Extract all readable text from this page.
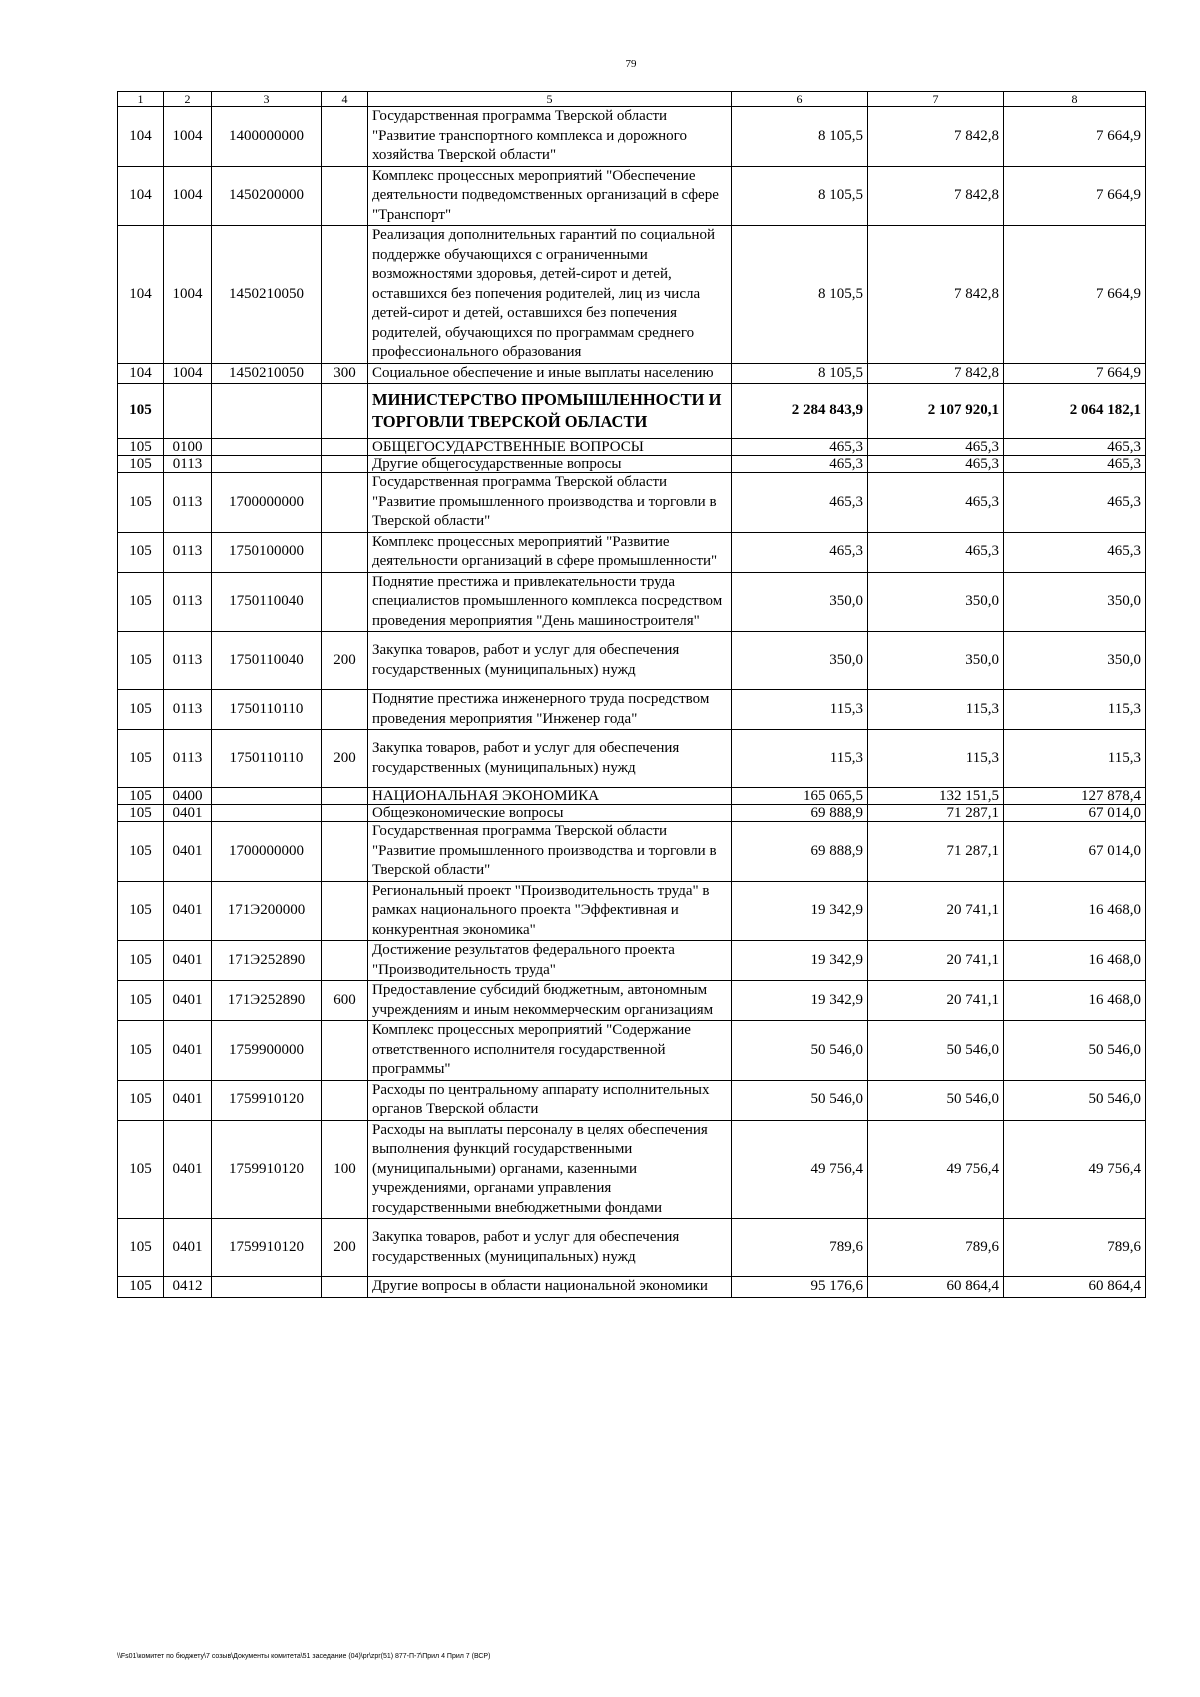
79
1	2	3	4	5	6	7	8
104	1004	1400000000		Государственная программа Тверской области "Развитие транспортного комплекса и дорожного хозяйства Тверской области"	8 105,5	7 842,8	7 664,9
104	1004	1450200000		Комплекс процессных мероприятий "Обеспечение деятельности подведомственных организаций в сфере "Транспорт"	8 105,5	7 842,8	7 664,9
104	1004	1450210050		Реализация дополнительных гарантий по социальной поддержке обучающихся с ограниченными возможностями здоровья, детей-сирот и детей, оставшихся без попечения родителей, лиц из числа детей-сирот и детей, оставшихся без попечения родителей, обучающихся по программам среднего профессионального образования	8 105,5	7 842,8	7 664,9
104	1004	1450210050	300	Социальное обеспечение и иные выплаты населению	8 105,5	7 842,8	7 664,9
105				МИНИСТЕРСТВО ПРОМЫШЛЕННОСТИ И ТОРГОВЛИ ТВЕРСКОЙ ОБЛАСТИ	2 284 843,9	2 107 920,1	2 064 182,1
105	0100			ОБЩЕГОСУДАРСТВЕННЫЕ ВОПРОСЫ	465,3	465,3	465,3
105	0113			Другие общегосударственные вопросы	465,3	465,3	465,3
105	0113	1700000000		Государственная программа Тверской области "Развитие промышленного производства и торговли в Тверской области"	465,3	465,3	465,3
105	0113	1750100000		Комплекс процессных мероприятий "Развитие деятельности организаций в сфере промышленности"	465,3	465,3	465,3
105	0113	1750110040		Поднятие престижа и привлекательности труда специалистов промышленного комплекса посредством проведения мероприятия "День машиностроителя"	350,0	350,0	350,0
105	0113	1750110040	200	Закупка товаров, работ и услуг для обеспечения государственных (муниципальных) нужд	350,0	350,0	350,0
105	0113	1750110110		Поднятие престижа инженерного труда посредством проведения мероприятия "Инженер года"	115,3	115,3	115,3
105	0113	1750110110	200	Закупка товаров, работ и услуг для обеспечения государственных (муниципальных) нужд	115,3	115,3	115,3
105	0400			НАЦИОНАЛЬНАЯ ЭКОНОМИКА	165 065,5	132 151,5	127 878,4
105	0401			Общеэкономические вопросы	69 888,9	71 287,1	67 014,0
105	0401	1700000000		Государственная программа Тверской области "Развитие промышленного производства и торговли в Тверской области"	69 888,9	71 287,1	67 014,0
105	0401	171Э200000		Региональный проект "Производительность труда" в рамках национального проекта "Эффективная и конкурентная экономика"	19 342,9	20 741,1	16 468,0
105	0401	171Э252890		Достижение результатов федерального проекта "Производительность труда"	19 342,9	20 741,1	16 468,0
105	0401	171Э252890	600	Предоставление субсидий бюджетным, автономным учреждениям и иным некоммерческим организациям	19 342,9	20 741,1	16 468,0
105	0401	1759900000		Комплекс процессных мероприятий "Содержание ответственного исполнителя государственной программы"	50 546,0	50 546,0	50 546,0
105	0401	1759910120		Расходы по центральному аппарату исполнительных органов Тверской области	50 546,0	50 546,0	50 546,0
105	0401	1759910120	100	Расходы на выплаты персоналу в целях обеспечения выполнения функций государственными (муниципальными) органами, казенными учреждениями, органами управления государственными внебюджетными фондами	49 756,4	49 756,4	49 756,4
105	0401	1759910120	200	Закупка товаров, работ и услуг для обеспечения государственных (муниципальных) нужд	789,6	789,6	789,6
105	0412			Другие вопросы в области национальной экономики	95 176,6	60 864,4	60 864,4
\\Fs01\комитет по бюджету\7 созыв\Документы комитета\51 заседание (04)\pr\zpr(51) 877-П-7\Прил 4 Прил 7 (ВСР)
